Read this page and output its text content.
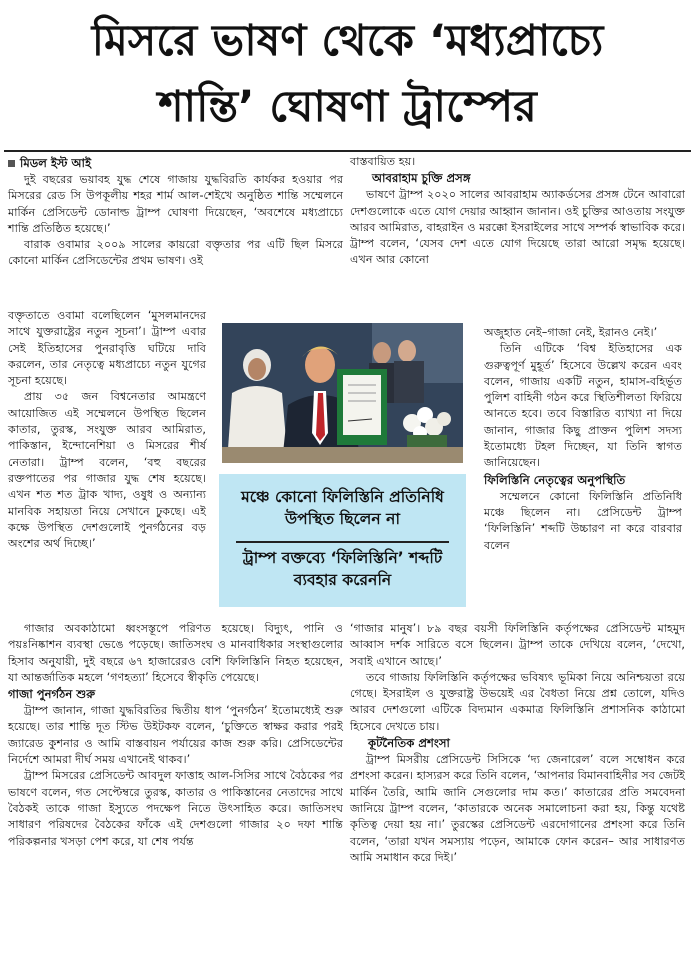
মিসরে ভাষণ থেকে ‘মধ্যপ্রাচ্যে
শান্তি’ ঘোষণা ট্রাম্পের
মিডল ইস্ট আই

দুই বছরের ভয়াবহ যুদ্ধ শেষে গাজায় যুদ্ধবিরতি কার্যকর হওয়ার পর মিসরের রেড সি উপকূলীয় শহর শার্ম আল-শেইখে অনুষ্ঠিত শান্তি সম্মেলনে মার্কিন প্রেসিডেন্ট ডোনাল্ড ট্রাম্প ঘোষণা দিয়েছেন, ‘অবশেষে মধ্যপ্রাচ্যে শান্তি প্রতিষ্ঠিত হয়েছে।’

বারাক ওবামার ২০০৯ সালের কায়রো বক্তৃতার পর এটি ছিল মিসরে কোনো মার্কিন প্রেসিডেন্টের প্রথম ভাষণ। ওই

বক্তৃতাতে ওবামা বলেছিলেন ‘মুসলমানদের সাথে যুক্তরাষ্ট্রের নতুন সূচনা’। ট্রাম্প এবার সেই ইতিহাসের পুনরাবৃত্তি ঘটিয়ে দাবি করলেন, তার নেতৃত্বে মধ্যপ্রাচ্যে নতুন যুগের সূচনা হয়েছে।

প্রায় ৩৫ জন বিশ্বনেতার আমন্ত্রণে আয়োজিত এই সম্মেলনে উপস্থিত ছিলেন কাতার, তুরস্ক, সংযুক্ত আরব আমিরাত, পাকিস্তান, ইন্দোনেশিয়া ও মিসরের শীর্ষ নেতারা। ট্রাম্প বলেন, ‘বহু বছরের রক্তপাতের পর গাজার যুদ্ধ শেষ হয়েছে। এখন শত শত ট্রাক খাদ্য, ওষুধ ও অন্যান্য মানবিক সহায়তা নিয়ে সেখানে ঢুকছে। এই কক্ষে উপস্থিত দেশগুলোই পুনর্গঠনের বড় অংশের অর্থ দিচ্ছে।’

গাজার অবকাঠামো ধ্বংসস্তূপে পরিণত হয়েছে। বিদ্যুৎ, পানি ও পয়ঃনিষ্কাশন ব্যবস্থা ভেঙে পড়েছে। জাতিসংঘ ও মানবাধিকার সংস্থাগুলোর হিসাব অনুযায়ী, দুই বছরে ৬৭ হাজারেরও বেশি ফিলিস্তিনি নিহত হয়েছেন, যা আন্তর্জাতিক মহলে ‘গণহত্যা’ হিসেবে স্বীকৃতি পেয়েছে।

গাজা পুনর্গঠন শুরু

ট্রাম্প জানান, গাজা যুদ্ধবিরতির দ্বিতীয় ধাপ ‘পুনর্গঠন’ ইতোমধ্যেই শুরু হয়েছে। তার শান্তি দূত স্টিভ উইটকফ বলেন, ‘চুক্তিতে স্বাক্ষর করার পরই জ্যারেড কুশনার ও আমি বাস্তবায়ন পর্যায়ের কাজ শুরু করি। প্রেসিডেন্টের নির্দেশে আমরা দীর্ঘ সময় এখানেই থাকব।’

ট্রাম্প মিসরের প্রেসিডেন্ট আবদুল ফাত্তাহ আল-সিসির সাথে বৈঠকের পর ভাষণে বলেন, গত সেপ্টেম্বরে তুরস্ক, কাতার ও পাকিস্তানের নেতাদের সাথে বৈঠকই তাকে গাজা ইস্যুতে পদক্ষেপ নিতে উৎসাহিত করে। জাতিসংঘ সাধারণ পরিষদের বৈঠকের ফাঁকে এই দেশগুলো গাজার ২০ দফা শান্তি পরিকল্পনার খসড়া পেশ করে, যা শেষ পর্যন্ত

বাস্তবায়িত হয়।

আবরাহাম চুক্তি প্রসঙ্গ

ভাষণে ট্রাম্প ২০২০ সালের আবরাহাম অ্যাকর্ডসের প্রসঙ্গ টেনে আবারো দেশগুলোকে এতে যোগ দেয়ার আহ্বান জানান। ওই চুক্তির আওতায় সংযুক্ত আরব আমিরাত, বাহরাইন ও মরক্কো ইসরাইলের সাথে সম্পর্ক স্বাভাবিক করে। ট্রাম্প বলেন, ‘যেসব দেশ এতে যোগ দিয়েছে তারা আরো সমৃদ্ধ হয়েছে। এখন আর কোনো

অজুহাত নেই–গাজা নেই, ইরানও নেই।’

তিনি এটিকে ‘বিশ্ব ইতিহাসের এক গুরুত্বপূর্ণ মুহূর্ত’ হিসেবে উল্লেখ করেন এবং বলেন, গাজায় একটি নতুন, হামাস-বহির্ভূত পুলিশ বাহিনী গঠন করে স্থিতিশীলতা ফিরিয়ে আনতে হবে। তবে বিস্তারিত ব্যাখ্যা না দিয়ে জানান, গাজার কিছু প্রাক্তন পুলিশ সদস্য ইতোমধ্যে টহল দিচ্ছেন, যা তিনি স্বাগত জানিয়েছেন।

ফিলিস্তিনি নেতৃত্বের অনুপস্থিতি

সম্মেলনে কোনো ফিলিস্তিনি প্রতিনিধি মঞ্চে ছিলেন না। প্রেসিডেন্ট ট্রাম্প ‘ফিলিস্তিনি’ শব্দটি উচ্চারণ না করে বারবার বলেন

‘গাজার মানুষ’। ৮৯ বছর বয়সী ফিলিস্তিনি কর্তৃপক্ষের প্রেসিডেন্ট মাহমুদ আব্বাস দর্শক সারিতে বসে ছিলেন। ট্রাম্প তাকে দেখিয়ে বলেন, ‘দেখো, সবাই এখানে আছে।’

তবে গাজায় ফিলিস্তিনি কর্তৃপক্ষের ভবিষ্যৎ ভূমিকা নিয়ে অনিশ্চয়তা রয়ে গেছে। ইসরাইল ও যুক্তরাষ্ট্র উভয়েই এর বৈধতা নিয়ে প্রশ্ন তোলে, যদিও আরব দেশগুলো এটিকে বিদ্যমান একমাত্র ফিলিস্তিনি প্রশাসনিক কাঠামো হিসেবে দেখতে চায়।

কূটনৈতিক প্রশংসা

ট্রাম্প মিসরীয় প্রেসিডেন্ট সিসিকে ‘দ্য জেনারেল’ বলে সম্বোধন করে প্রশংসা করেন। হাস্যরস করে তিনি বলেন, ‘আপনার বিমানবাহিনীর সব জেটই মার্কিন তৈরি, আমি জানি সেগুলোর দাম কত।’ কাতারের প্রতি সমবেদনা জানিয়ে ট্রাম্প বলেন, ‘কাতারকে অনেক সমালোচনা করা হয়, কিন্তু যথেষ্ট কৃতিত্ব দেয়া হয় না।’ তুরস্কের প্রেসিডেন্ট এরদোগানের প্রশংসা করে তিনি বলেন, ‘তারা যখন সমস্যায় পড়েন, আমাকে ফোন করেন– আর সাধারণত আমি সমাধান করে দিই।’

মঞ্চে কোনো ফিলিস্তিনি প্রতিনিধি উপস্থিত ছিলেন না
ট্রাম্প বক্তব্যে ‘ফিলিস্তিনি’ শব্দটি ব্যবহার করেননি
